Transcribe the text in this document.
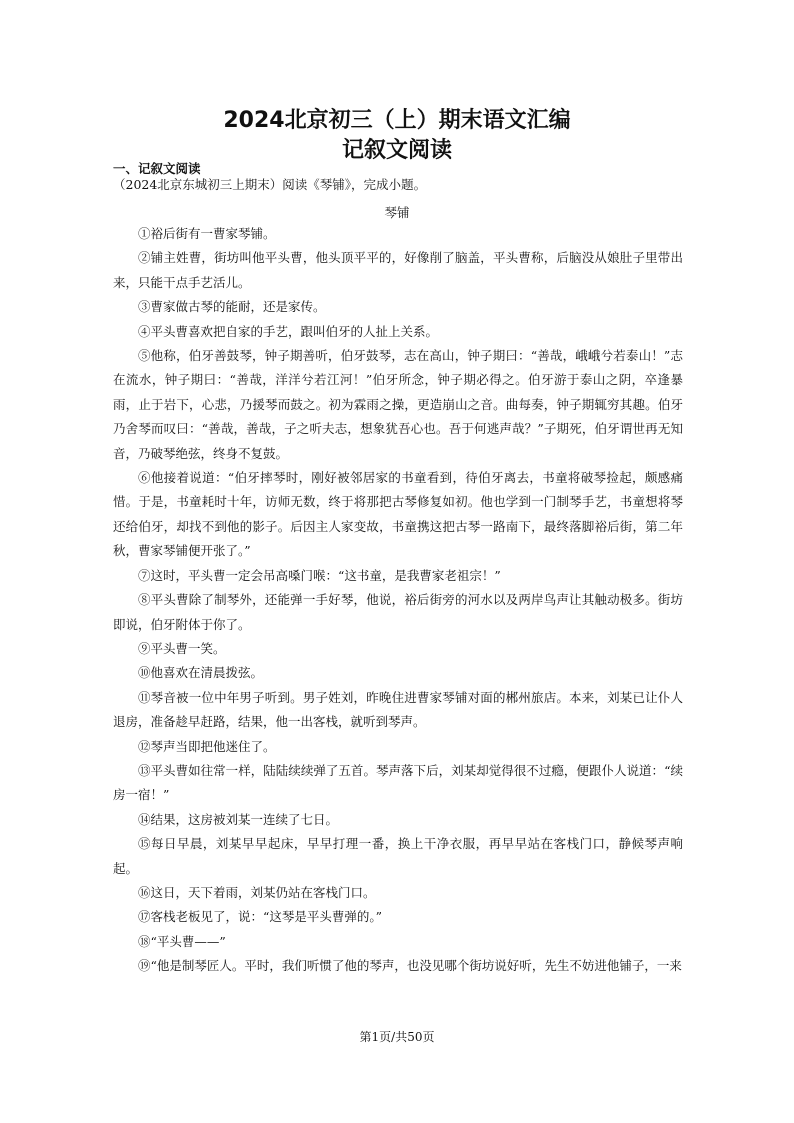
2024北京初三（上）期末语文汇编
记叙文阅读
一、记叙文阅读
（2024北京东城初三上期末）阅读《琴铺》，完成小题。
琴铺

①裕后街有一曹家琴铺。

②铺主姓曹，街坊叫他平头曹，他头顶平平的，好像削了脑盖，平头曹称，后脑没从娘肚子里带出来，只能干点手艺活儿。

③曹家做古琴的能耐，还是家传。

④平头曹喜欢把自家的手艺，跟叫伯牙的人扯上关系。

⑤他称，伯牙善鼓琴，钟子期善听，伯牙鼓琴，志在高山，钟子期曰：“善哉，峨峨兮若泰山！”志在流水，钟子期曰：“善哉，洋洋兮若江河！”伯牙所念，钟子期必得之。伯牙游于泰山之阴，卒逢暴雨，止于岩下，心悲，乃援琴而鼓之。初为霖雨之操，更造崩山之音。曲每奏，钟子期辄穷其趣。伯牙乃舍琴而叹曰：“善哉，善哉，子之听夫志，想象犹吾心也。吾于何逃声哉？”子期死，伯牙谓世再无知音，乃破琴绝弦，终身不复鼓。

⑥他接着说道：“伯牙摔琴时，刚好被邻居家的书童看到，待伯牙离去，书童将破琴捡起，颇感痛惜。于是，书童耗时十年，访师无数，终于将那把古琴修复如初。他也学到一门制琴手艺，书童想将琴还给伯牙，却找不到他的影子。后因主人家变故，书童携这把古琴一路南下，最终落脚裕后街，第二年秋，曹家琴铺便开张了。”

⑦这时，平头曹一定会吊高嗓门喉：“这书童，是我曹家老祖宗！”

⑧平头曹除了制琴外，还能弹一手好琴，他说，裕后街旁的河水以及两岸鸟声让其触动极多。街坊即说，伯牙附体于你了。

⑨平头曹一笑。

⑩他喜欢在清晨拨弦。

⑪琴音被一位中年男子听到。男子姓刘，昨晚住进曹家琴铺对面的郴州旅店。本来，刘某已让仆人退房，准备趁早赶路，结果，他一出客栈，就听到琴声。

⑫琴声当即把他迷住了。

⑬平头曹如往常一样，陆陆续续弹了五首。琴声落下后，刘某却觉得很不过瘾，便跟仆人说道：“续房一宿！”

⑭结果，这房被刘某一连续了七日。

⑮每日早晨，刘某早早起床，早早打理一番，换上干净衣服，再早早站在客栈门口，静候琴声响起。

⑯这日，天下着雨，刘某仍站在客栈门口。

⑰客栈老板见了，说：“这琴是平头曹弹的。”

⑱“平头曹——”

⑲“他是制琴匠人。平时，我们听惯了他的琴声，也没见哪个街坊说好听，先生不妨进他铺子，一来

第1页/共50页
